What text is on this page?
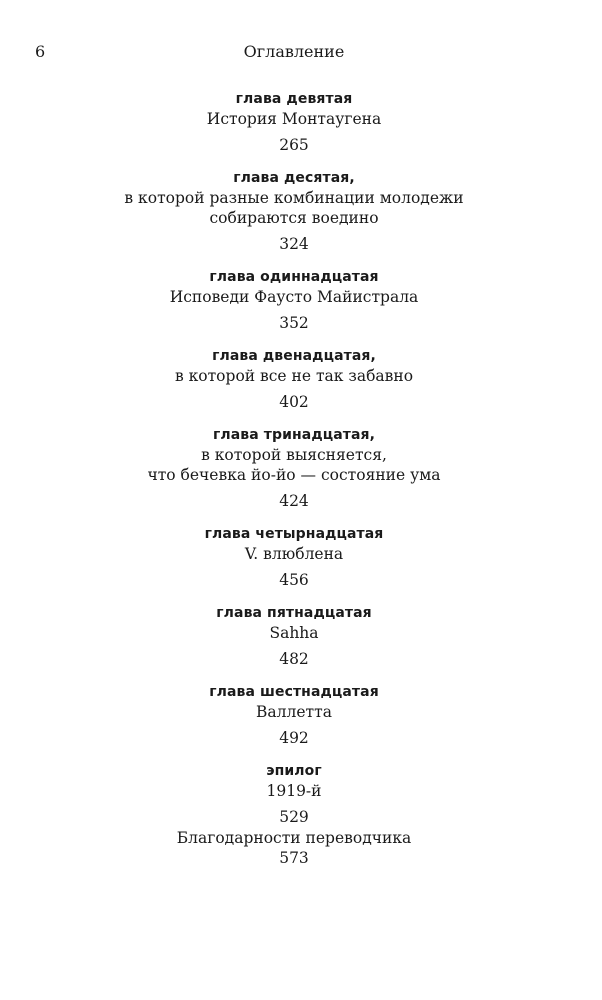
6	Оглавление
глава девятая
История Монтаугена
265
глава десятая,
в которой разные комбинации молодежи
собираются воедино
324
глава одиннадцатая
Исповеди Фаусто Майистрала
352
глава двенадцатая,
в которой все не так забавно
402
глава тринадцатая,
в которой выясняется,
что бечевка йо-йо — состояние ума
424
глава четырнадцатая
V. влюблена
456
глава пятнадцатая
Sahha
482
глава шестнадцатая
Валлетта
492
эпилог
1919-й
529
Благодарности переводчика
573
